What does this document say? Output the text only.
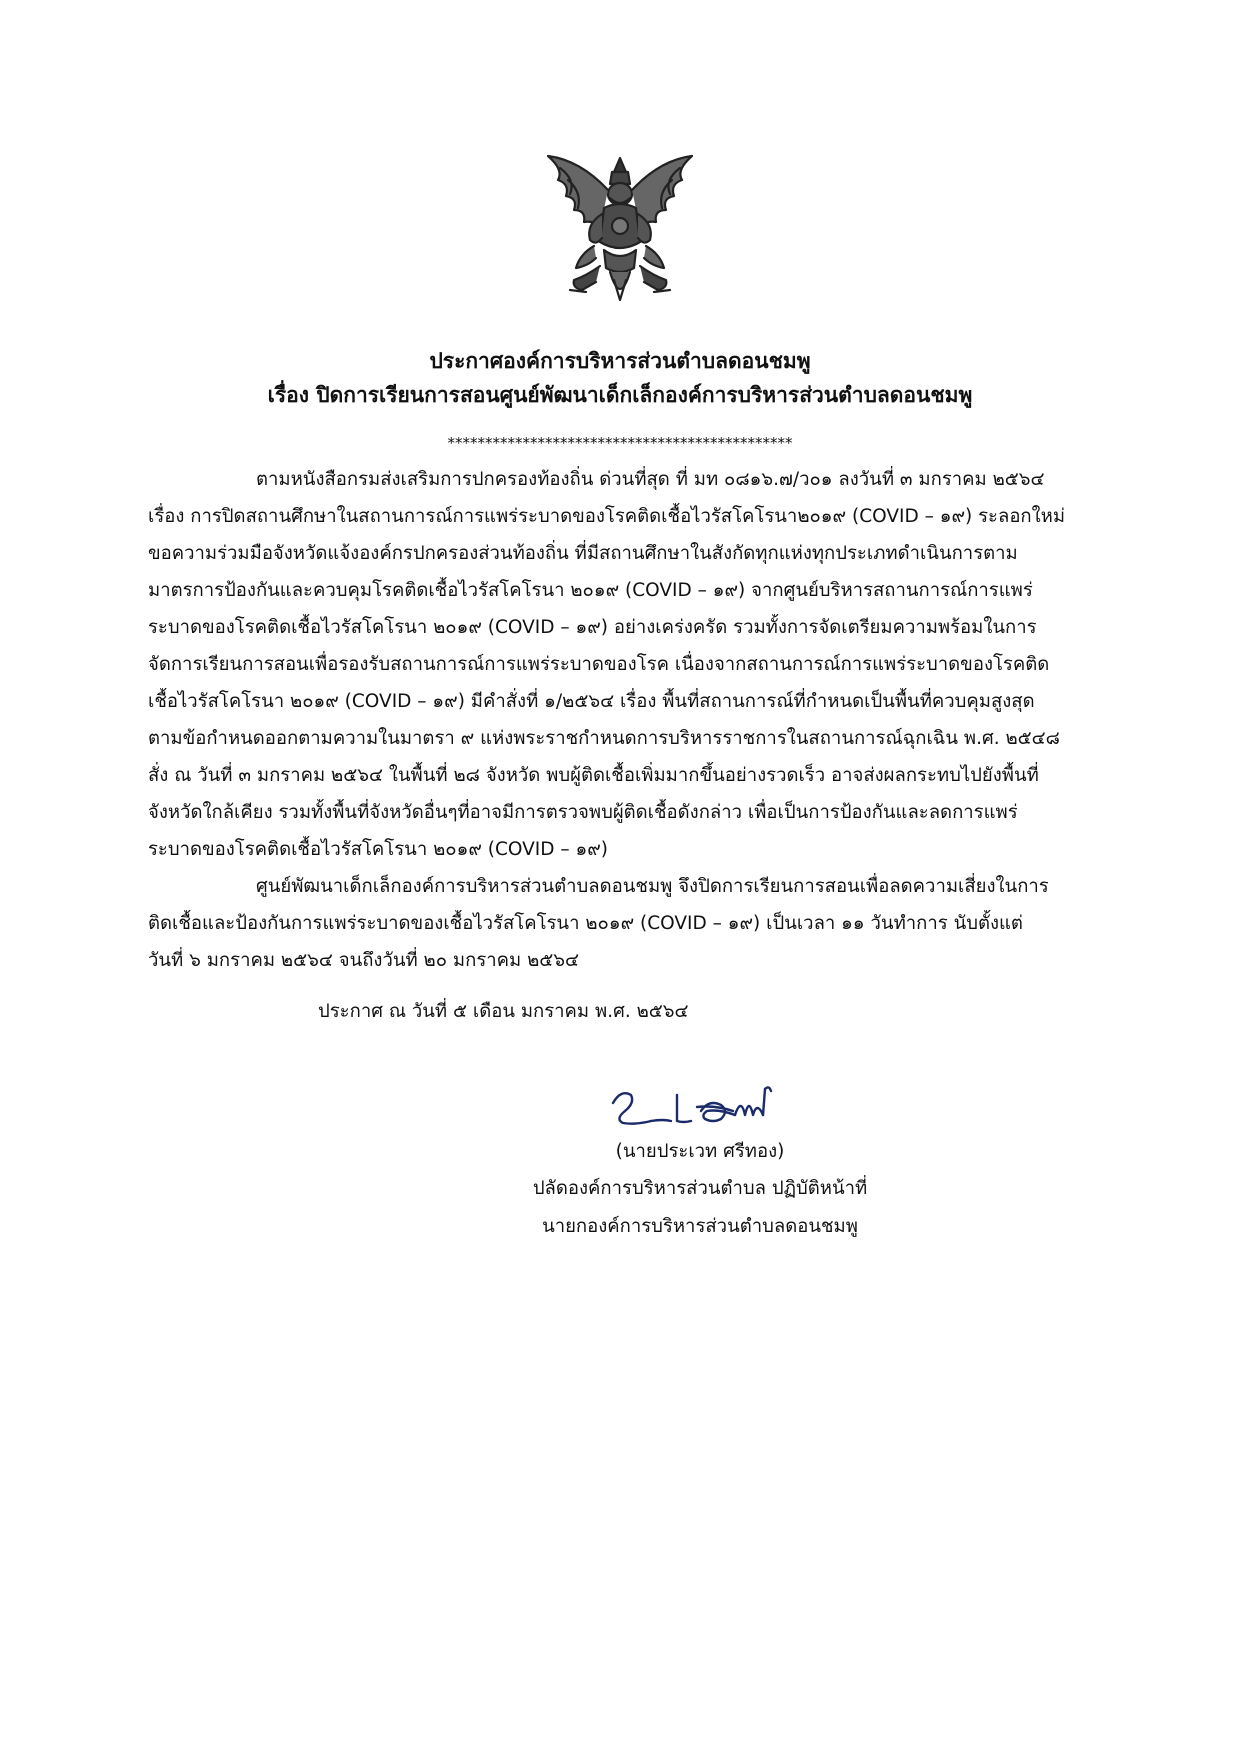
ประกาศองค์การบริหารส่วนตำบลดอนชมพู
เรื่อง ปิดการเรียนการสอนศูนย์พัฒนาเด็กเล็กองค์การบริหารส่วนตำบลดอนชมพู
**********************************************
ตามหนังสือกรมส่งเสริมการปกครองท้องถิ่น ด่วนที่สุด ที่ มท ๐๘๑๖.๗/ว๐๑ ลงวันที่ ๓ มกราคม ๒๕๖๔
เรื่อง การปิดสถานศึกษาในสถานการณ์การแพร่ระบาดของโรคติดเชื้อไวรัสโคโรนา๒๐๑๙ (COVID – ๑๙) ระลอกใหม่
ขอความร่วมมือจังหวัดแจ้งองค์กรปกครองส่วนท้องถิ่น ที่มีสถานศึกษาในสังกัดทุกแห่งทุกประเภทดำเนินการตาม
มาตรการป้องกันและควบคุมโรคติดเชื้อไวรัสโคโรนา ๒๐๑๙ (COVID – ๑๙) จากศูนย์บริหารสถานการณ์การแพร่
ระบาดของโรคติดเชื้อไวรัสโคโรนา ๒๐๑๙ (COVID – ๑๙) อย่างเคร่งครัด รวมทั้งการจัดเตรียมความพร้อมในการ
จัดการเรียนการสอนเพื่อรองรับสถานการณ์การแพร่ระบาดของโรค เนื่องจากสถานการณ์การแพร่ระบาดของโรคติด
เชื้อไวรัสโคโรนา ๒๐๑๙ (COVID – ๑๙) มีคำสั่งที่ ๑/๒๕๖๔ เรื่อง พื้นที่สถานการณ์ที่กำหนดเป็นพื้นที่ควบคุมสูงสุด
ตามข้อกำหนดออกตามความในมาตรา ๙ แห่งพระราชกำหนดการบริหารราชการในสถานการณ์ฉุกเฉิน พ.ศ. ๒๕๔๘
สั่ง ณ วันที่ ๓ มกราคม ๒๕๖๔ ในพื้นที่ ๒๘ จังหวัด พบผู้ติดเชื้อเพิ่มมากขึ้นอย่างรวดเร็ว อาจส่งผลกระทบไปยังพื้นที่
จังหวัดใกล้เคียง รวมทั้งพื้นที่จังหวัดอื่นๆที่อาจมีการตรวจพบผู้ติดเชื้อดังกล่าว เพื่อเป็นการป้องกันและลดการแพร่
ระบาดของโรคติดเชื้อไวรัสโคโรนา ๒๐๑๙ (COVID – ๑๙)
ศูนย์พัฒนาเด็กเล็กองค์การบริหารส่วนตำบลดอนชมพู จึงปิดการเรียนการสอนเพื่อลดความเสี่ยงในการ
ติดเชื้อและป้องกันการแพร่ระบาดของเชื้อไวรัสโคโรนา ๒๐๑๙ (COVID – ๑๙) เป็นเวลา ๑๑ วันทำการ นับตั้งแต่
วันที่ ๖ มกราคม ๒๕๖๔ จนถึงวันที่ ๒๐ มกราคม ๒๕๖๔
ประกาศ ณ วันที่ ๕ เดือน มกราคม พ.ศ. ๒๕๖๔
(นายประเวท ศรีทอง)
ปลัดองค์การบริหารส่วนตำบล ปฏิบัติหน้าที่
นายกองค์การบริหารส่วนตำบลดอนชมพู
